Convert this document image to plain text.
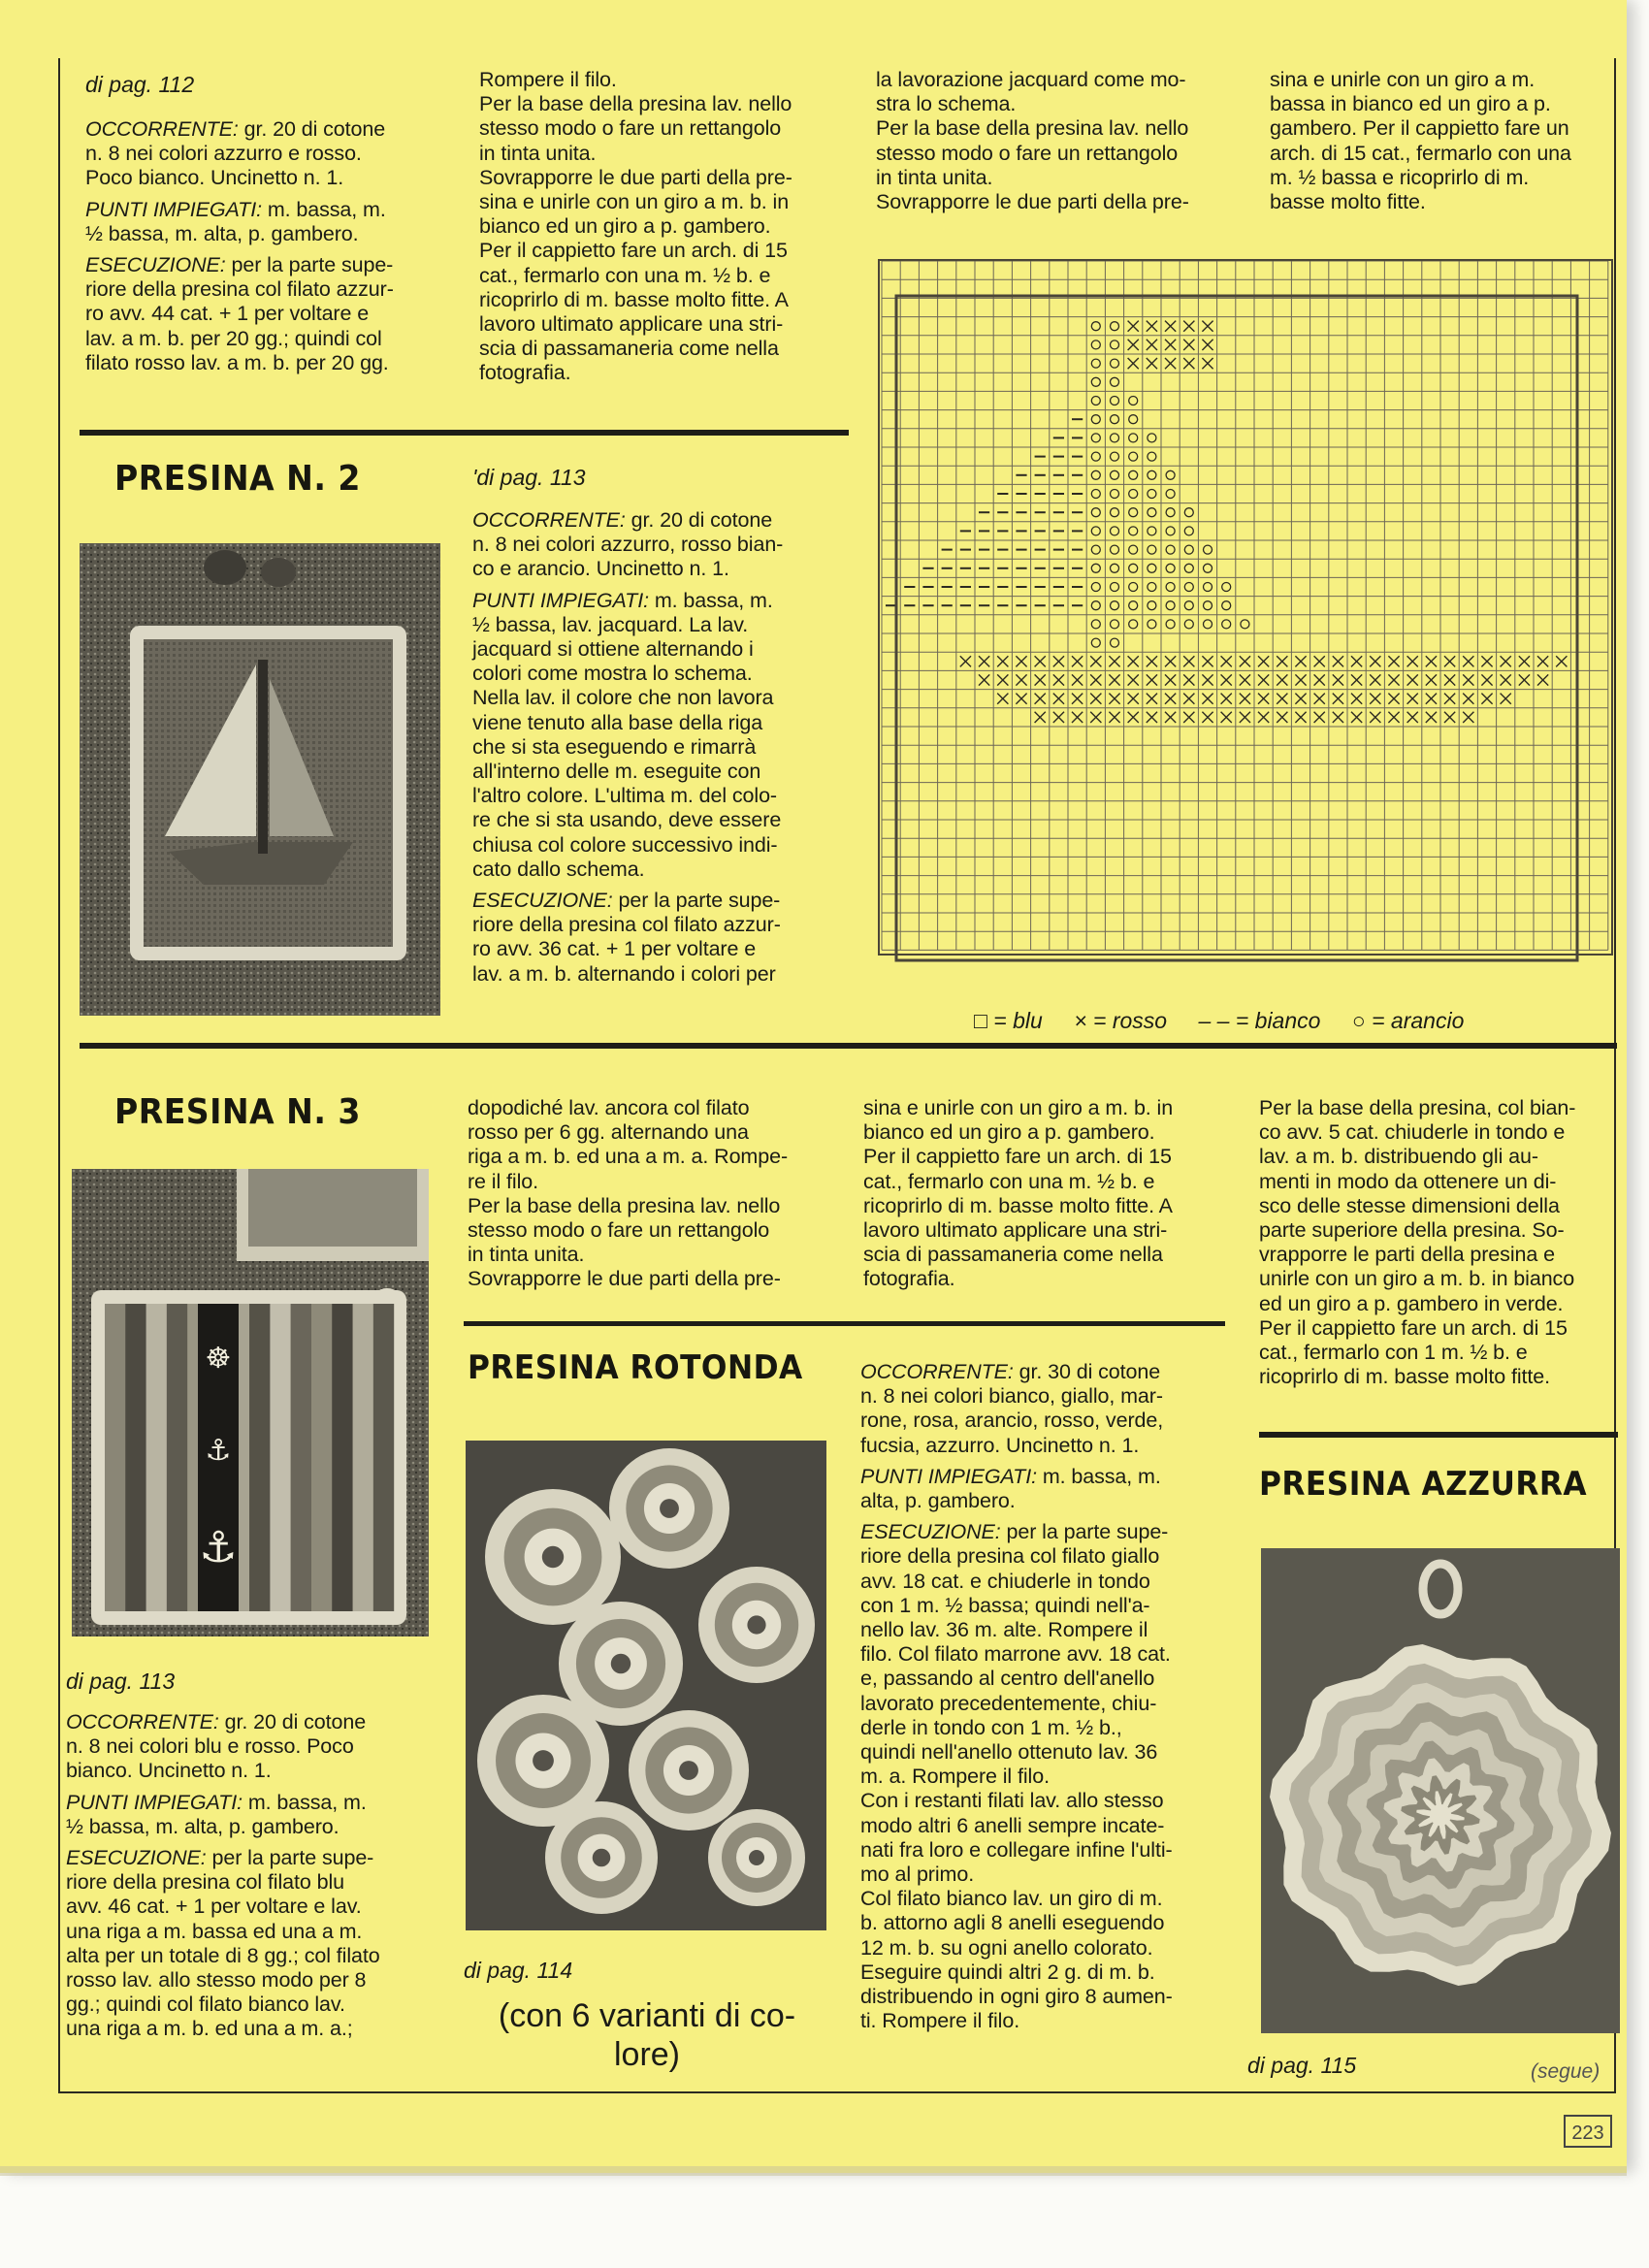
di pag. 112

OCCORRENTE: gr. 20 di cotone
n. 8 nei colori azzurro e rosso.
Poco bianco. Uncinetto n. 1.

PUNTI IMPIEGATI: m. bassa, m.
½ bassa, m. alta, p. gambero.

ESECUZIONE: per la parte supe-
riore della presina col filato azzur-
ro avv. 44 cat. + 1 per voltare e
lav. a m. b. per 20 gg.; quindi col
filato rosso lav. a m. b. per 20 gg.

Rompere il filo.
Per la base della presina lav. nello
stesso modo o fare un rettangolo
in tinta unita.
Sovrapporre le due parti della pre-
sina e unirle con un giro a m. b. in
bianco ed un giro a p. gambero.
Per il cappietto fare un arch. di 15
cat., fermarlo con una m. ½ b. e
ricoprirlo di m. basse molto fitte. A
lavoro ultimato applicare una stri-
scia di passamaneria come nella
fotografia.
la lavorazione jacquard come mo-
stra lo schema.
Per la base della presina lav. nello
stesso modo o fare un rettangolo
in tinta unita.
Sovrapporre le due parti della pre-
sina e unirle con un giro a m.
bassa in bianco ed un giro a p.
gambero. Per il cappietto fare un
arch. di 15 cat., fermarlo con una
m. ½ bassa e ricoprirlo di m.
basse molto fitte.
PRESINA N. 2	'di pag. 113

OCCORRENTE: gr. 20 di cotone
n. 8 nei colori azzurro, rosso bian-
co e arancio. Uncinetto n. 1.

PUNTI IMPIEGATI: m. bassa, m.
½ bassa, lav. jacquard. La lav.
jacquard si ottiene alternando i
colori come mostra lo schema.
Nella lav. il colore che non lavora
viene tenuto alla base della riga
che si sta eseguendo e rimarrà
all'interno delle m. eseguite con
l'altro colore. L'ultima m. del colo-
re che si sta usando, deve essere
chiusa col colore successivo indi-
cato dallo schema.

ESECUZIONE: per la parte supe-
riore della presina col filato azzur-
ro avv. 36 cat. + 1 per voltare e
lav. a m. b. alternando i colori per

□ = blu × = rosso – – = bianco ○ = arancio
PRESINA N. 3
☸
⚓
⚓
di pag. 113

OCCORRENTE: gr. 20 di cotone
n. 8 nei colori blu e rosso. Poco
bianco. Uncinetto n. 1.

PUNTI IMPIEGATI: m. bassa, m.
½ bassa, m. alta, p. gambero.

ESECUZIONE: per la parte supe-
riore della presina col filato blu
avv. 46 cat. + 1 per voltare e lav.
una riga a m. bassa ed una a m.
alta per un totale di 8 gg.; col filato
rosso lav. allo stesso modo per 8
gg.; quindi col filato bianco lav.
una riga a m. b. ed una a m. a.;

dopodiché lav. ancora col filato
rosso per 6 gg. alternando una
riga a m. b. ed una a m. a. Rompe-
re il filo.
Per la base della presina lav. nello
stesso modo o fare un rettangolo
in tinta unita.
Sovrapporre le due parti della pre-
sina e unirle con un giro a m. b. in
bianco ed un giro a p. gambero.
Per il cappietto fare un arch. di 15
cat., fermarlo con una m. ½ b. e
ricoprirlo di m. basse molto fitte. A
lavoro ultimato applicare una stri-
scia di passamaneria come nella
fotografia.
PRESINA ROTONDA
di pag. 114
(con 6 varianti di co-
lore)

OCCORRENTE: gr. 30 di cotone
n. 8 nei colori bianco, giallo, mar-
rone, rosa, arancio, rosso, verde,
fucsia, azzurro. Uncinetto n. 1.

PUNTI IMPIEGATI: m. bassa, m.
alta, p. gambero.

ESECUZIONE: per la parte supe-
riore della presina col filato giallo
avv. 18 cat. e chiuderle in tondo
con 1 m. ½ bassa; quindi nell'a-
nello lav. 36 m. alte. Rompere il
filo. Col filato marrone avv. 18 cat.
e, passando al centro dell'anello
lavorato precedentemente, chiu-
derle in tondo con 1 m. ½ b.,
quindi nell'anello ottenuto lav. 36
m. a. Rompere il filo.
Con i restanti filati lav. allo stesso
modo altri 6 anelli sempre incate-
nati fra loro e collegare infine l'ulti-
mo al primo.
Col filato bianco lav. un giro di m.
b. attorno agli 8 anelli eseguendo
12 m. b. su ogni anello colorato.
Eseguire quindi altri 2 g. di m. b.
distribuendo in ogni giro 8 aumen-
ti. Rompere il filo.

Per la base della presina, col bian-
co avv. 5 cat. chiuderle in tondo e
lav. a m. b. distribuendo gli au-
menti in modo da ottenere un di-
sco delle stesse dimensioni della
parte superiore della presina. So-
vrapporre le parti della presina e
unirle con un giro a m. b. in bianco
ed un giro a p. gambero in verde.
Per il cappietto fare un arch. di 15
cat., fermarlo con 1 m. ½ b. e
ricoprirlo di m. basse molto fitte.
PRESINA AZZURRA
di pag. 115	(segue)
223
